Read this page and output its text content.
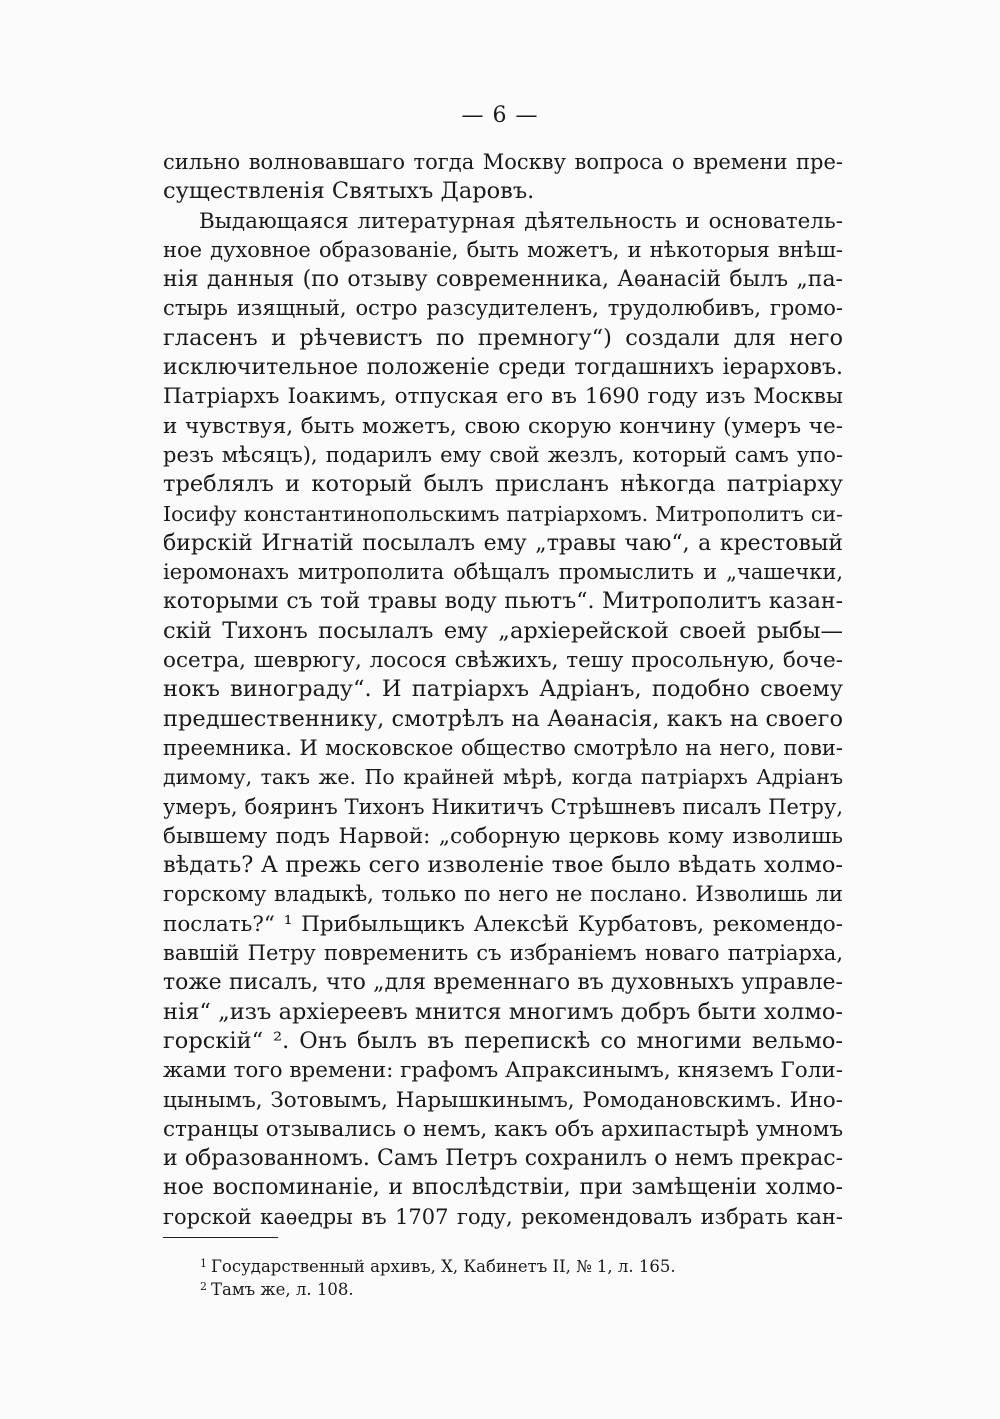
— 6 —
сильно волновавшаго тогда Москву вопроса о времени пре-
существленія Святыхъ Даровъ.
Выдающаяся литературная дѣятельность и основатель-
ное духовное образованіе, быть можетъ, и нѣкоторыя внѣш-
нія данныя (по отзыву современника, Аѳанасій былъ „па-
стырь изящный, остро разсудителенъ, трудолюбивъ, громо-
гласенъ и рѣчевистъ по премногу“) создали для него
исключительное положеніе среди тогдашнихъ іерарховъ.
Патріархъ Іоакимъ, отпуская его въ 1690 году изъ Москвы
и чувствуя, быть можетъ, свою скорую кончину (умеръ че-
резъ мѣсяцъ), подарилъ ему свой жезлъ, который самъ упо-
треблялъ и который былъ присланъ нѣкогда патріарху
Іосифу константинопольскимъ патріархомъ. Митрополитъ си-
бирскій Игнатій посылалъ ему „травы чаю“, а крестовый
іеромонахъ митрополита обѣщалъ промыслить и „чашечки,
которыми съ той травы воду пьютъ“. Митрополитъ казан-
скій Тихонъ посылалъ ему „архіерейской своей рыбы—
осетра, шеврюгу, лосося свѣжихъ, тешу просольную, боче-
нокъ винограду“. И патріархъ Адріанъ, подобно своему
предшественнику, смотрѣлъ на Аѳанасія, какъ на своего
преемника. И московское общество смотрѣло на него, пови-
димому, такъ же. По крайней мѣрѣ, когда патріархъ Адріанъ
умеръ, бояринъ Тихонъ Никитичъ Стрѣшневъ писалъ Петру,
бывшему подъ Нарвой: „соборную церковь кому изволишь
вѣдать? А прежь сего изволеніе твое было вѣдать холмо-
горскому владыкѣ, только по него не послано. Изволишь ли
послать?“ ¹ Прибыльщикъ Алексѣй Курбатовъ, рекомендо-
вавшій Петру повременить съ избраніемъ новаго патріарха,
тоже писалъ, что „для временнаго въ духовныхъ управле-
нія“ „изъ архіереевъ мнится многимъ добръ быти холмо-
горскій“ ². Онъ былъ въ перепискѣ со многими вельмо-
жами того времени: графомъ Апраксинымъ, княземъ Голи-
цынымъ, Зотовымъ, Нарышкинымъ, Ромодановскимъ. Ино-
странцы отзывались о немъ, какъ объ архипастырѣ умномъ
и образованномъ. Самъ Петръ сохранилъ о немъ прекрас-
ное воспоминаніе, и впослѣдствіи, при замѣщеніи холмо-
горской каѳедры въ 1707 году, рекомендовалъ избрать кан-
$^1$ Государственный архивъ, X, Кабинетъ II, № 1, л. 165.
$^2$ Тамъ же, л. 108.
